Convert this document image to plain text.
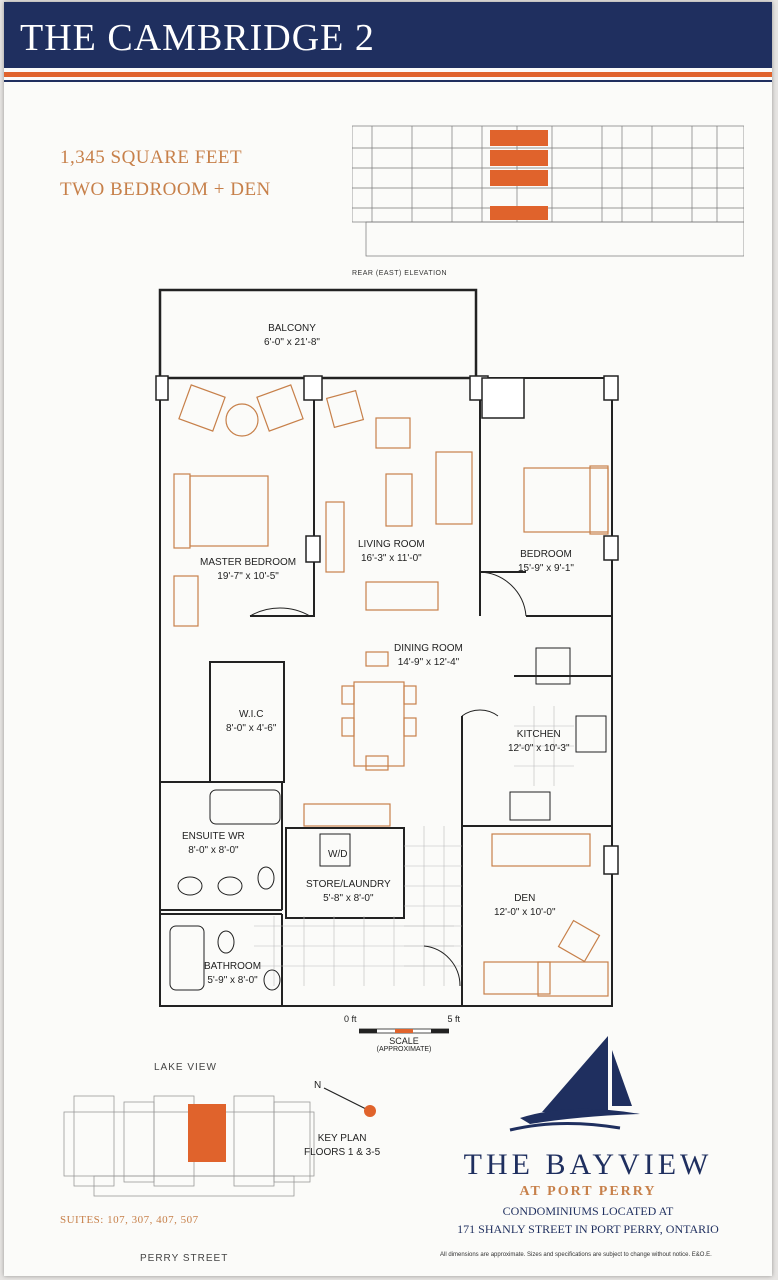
THE CAMBRIDGE 2
1,345 SQUARE FEET
TWO BEDROOM + DEN
REAR (EAST) ELEVATION
BALCONY
6'-0" x 21'-8"
MASTER BEDROOM
19'-7" x 10'-5"
LIVING ROOM
16'-3" x 11'-0"	BEDROOM
15'-9" x 9'-1"
DINING ROOM
14'-9" x 12'-4"
W.I.C
8'-0" x 4'-6"
KITCHEN
12'-0" x 10'-3"
ENSUITE WR
8'-0" x 8'-0"	W/D
STORE/LAUNDRY
5'-8" x 8'-0"	DEN
12'-0" x 10'-0"
BATHROOM
5'-9" x 8'-0"
0 ft	5 ft
SCALE
(APPROXIMATE)
LAKE VIEW
N
KEY PLAN
FLOORS 1 & 3-5
SUITES: 107, 307, 407, 507
PERRY STREET
THE BAYVIEW
AT PORT PERRY
CONDOMINIUMS LOCATED AT
171 SHANLY STREET IN PORT PERRY, ONTARIO
All dimensions are approximate. Sizes and specifications are subject to change without notice. E&O.E.
